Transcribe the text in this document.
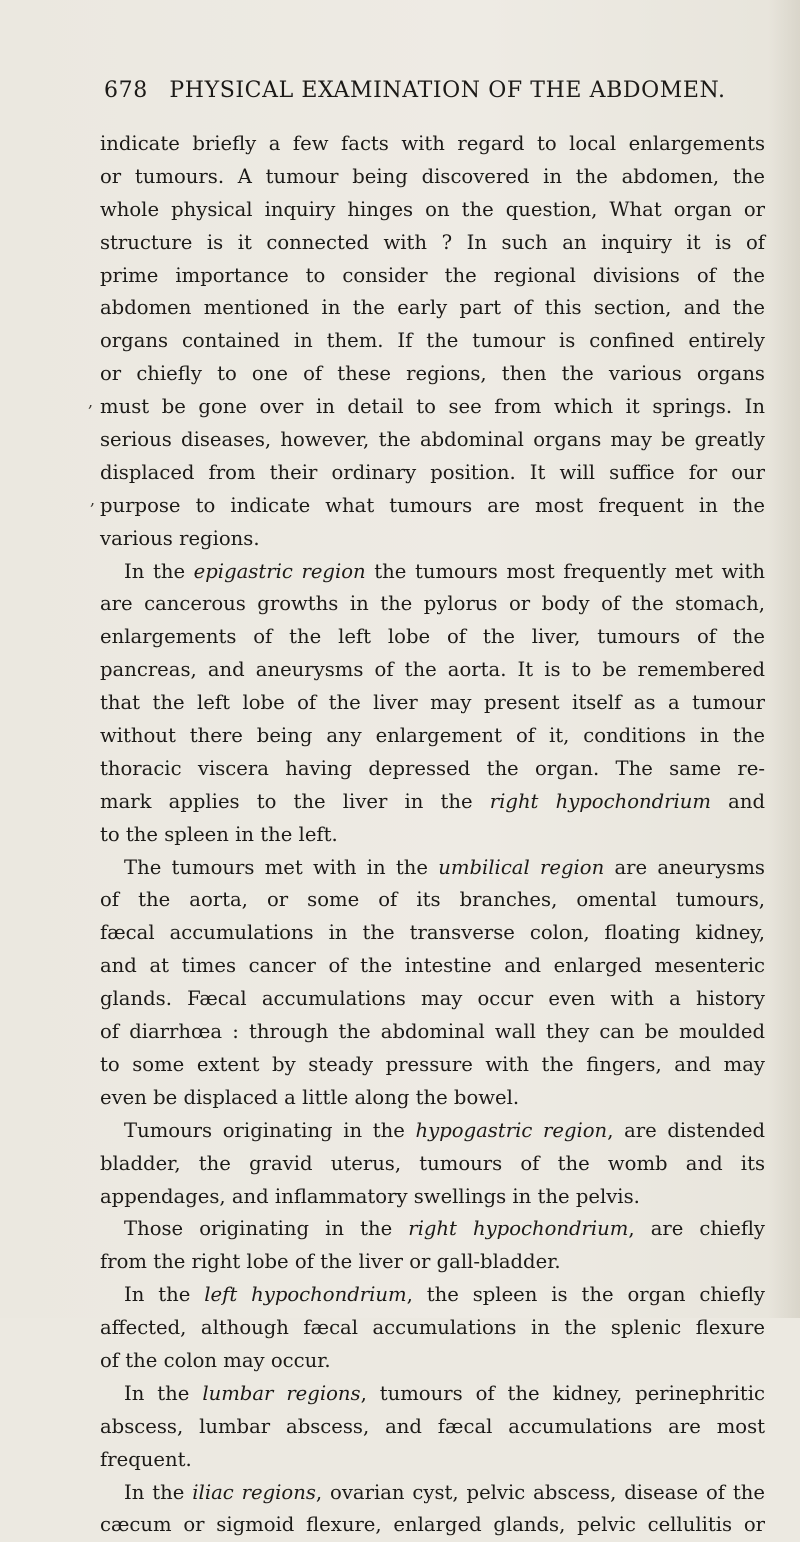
678 PHYSICAL EXAMINATION OF THE ABDOMEN.
indicate briefly a few facts with regard to local enlargements
or tumours. A tumour being discovered in the abdomen, the
whole physical inquiry hinges on the question, What organ or
structure is it connected with ? In such an inquiry it is of
prime importance to consider the regional divisions of the
abdomen mentioned in the early part of this section, and the
organs contained in them. If the tumour is confined entirely
or chiefly to one of these regions, then the various organs
must be gone over in detail to see from which it springs. In
serious diseases, however, the abdominal organs may be greatly
displaced from their ordinary position. It will suffice for our
purpose to indicate what tumours are most frequent in the
various regions.
In the epigastric region the tumours most frequently met with
are cancerous growths in the pylorus or body of the stomach,
enlargements of the left lobe of the liver, tumours of the
pancreas, and aneurysms of the aorta. It is to be remembered
that the left lobe of the liver may present itself as a tumour
without there being any enlargement of it, conditions in the
thoracic viscera having depressed the organ. The same re-
mark applies to the liver in the right hypochondrium and
to the spleen in the left.
The tumours met with in the umbilical region are aneurysms
of the aorta, or some of its branches, omental tumours,
fæcal accumulations in the transverse colon, floating kidney,
and at times cancer of the intestine and enlarged mesenteric
glands. Fæcal accumulations may occur even with a history
of diarrhœa : through the abdominal wall they can be moulded
to some extent by steady pressure with the fingers, and may
even be displaced a little along the bowel.
Tumours originating in the hypogastric region, are distended
bladder, the gravid uterus, tumours of the womb and its
appendages, and inflammatory swellings in the pelvis.
Those originating in the right hypochondrium, are chiefly
from the right lobe of the liver or gall-bladder.
In the left hypochondrium, the spleen is the organ chiefly
affected, although fæcal accumulations in the splenic flexure
of the colon may occur.
In the lumbar regions, tumours of the kidney, perinephritic
abscess, lumbar abscess, and fæcal accumulations are most
frequent.
In the iliac regions, ovarian cyst, pelvic abscess, disease of the
cæcum or sigmoid flexure, enlarged glands, pelvic cellulitis or
,
,
